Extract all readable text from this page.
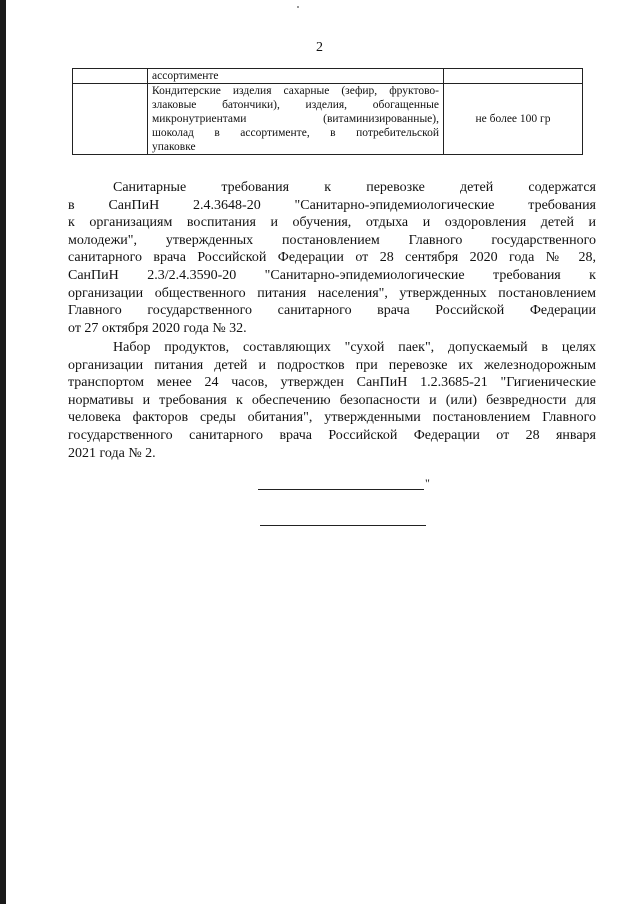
2
	ассортименте	

	Кондитерские изделия сахарные (зефир, фруктово-
злаковые батончики), изделия, обогащенные
микронутриентами (витаминизированные),
шоколад в ассортименте, в потребительской
упаковке	не более 100 гр
Санитарные требования к перевозке детей содержатся
в СанПиН 2.4.3648-20 "Санитарно-эпидемиологические требования
к организациям воспитания и обучения, отдыха и оздоровления детей и
молодежи", утвержденных постановлением Главного государственного
санитарного врача Российской Федерации от 28 сентября 2020 года № 28,
СанПиН 2.3/2.4.3590-20 "Санитарно-эпидемиологические требования к
организации общественного питания населения", утвержденных постановлением
Главного государственного санитарного врача Российской Федерации
от 27 октября 2020 года № 32.
Набор продуктов, составляющих "сухой паек", допускаемый в целях
организации питания детей и подростков при перевозке их железнодорожным
транспортом менее 24 часов, утвержден СанПиН 1.2.3685-21 "Гигиенические
нормативы и требования к обеспечению безопасности и (или) безвредности для
человека факторов среды обитания", утвержденными постановлением Главного
государственного санитарного врача Российской Федерации от 28 января
2021 года № 2.
"
